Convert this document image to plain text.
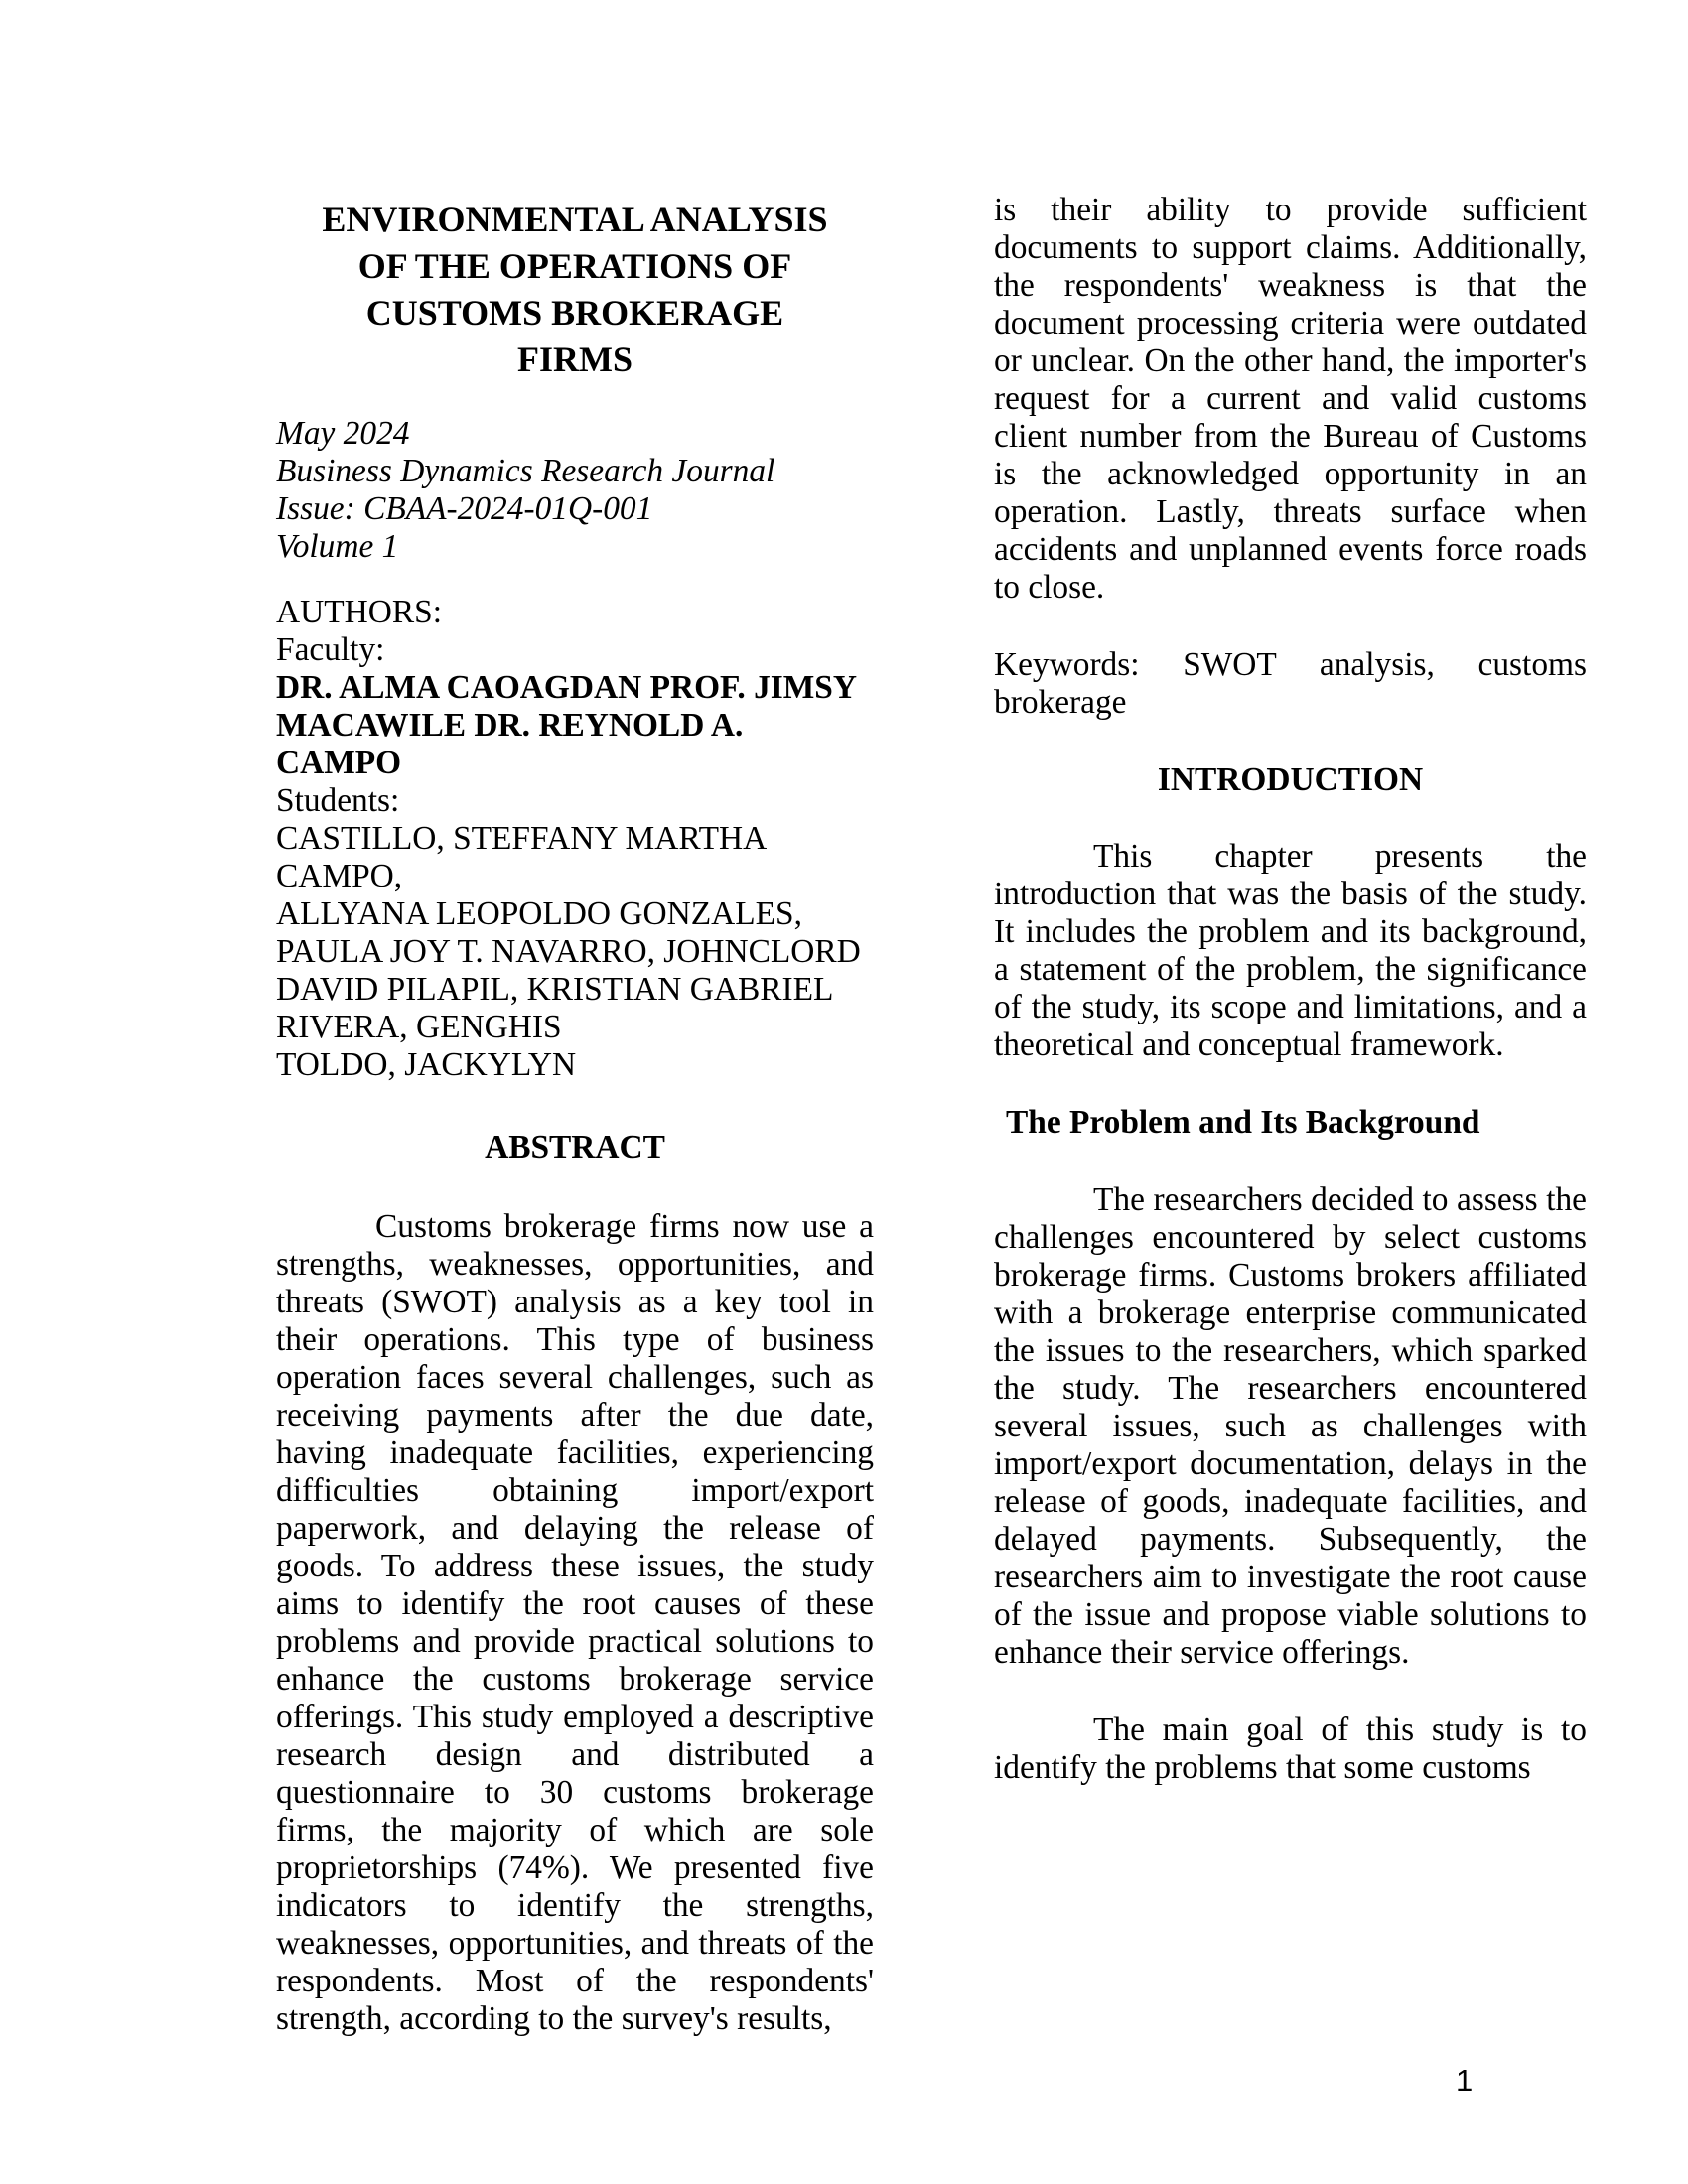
ENVIRONMENTAL ANALYSIS
OF THE OPERATIONS OF
CUSTOMS BROKERAGE
FIRMS
May 2024
Business Dynamics Research Journal
Issue: CBAA-2024-01Q-001
Volume 1
AUTHORS:
Faculty:
DR. ALMA CAOAGDAN PROF. JIMSY
MACAWILE DR. REYNOLD A. CAMPO
Students:
CASTILLO, STEFFANY MARTHA CAMPO,
ALLYANA LEOPOLDO GONZALES,
PAULA JOY T. NAVARRO, JOHNCLORD
DAVID PILAPIL, KRISTIAN GABRIEL
RIVERA, GENGHIS
TOLDO, JACKYLYN
ABSTRACT

Customs brokerage firms now use a strengths, weaknesses, opportunities, and threats (SWOT) analysis as a key tool in their operations. This type of business operation faces several challenges, such as receiving payments after the due date, having inadequate facilities, experiencing difficulties obtaining import/export paperwork, and delaying the release of goods. To address these issues, the study aims to identify the root causes of these problems and provide practical solutions to enhance the customs brokerage service offerings. This study employed a descriptive research design and distributed a questionnaire to 30 customs brokerage firms, the majority of which are sole proprietorships (74%). We presented five indicators to identify the strengths, weaknesses, opportunities, and threats of the respondents. Most of the respondents' strength, according to the survey's results,

is their ability to provide sufficient documents to support claims. Additionally, the respondents' weakness is that the document processing criteria were outdated or unclear. On the other hand, the importer's request for a current and valid customs client number from the Bureau of Customs is the acknowledged opportunity in an operation. Lastly, threats surface when accidents and unplanned events force roads to close.

Keywords: SWOT analysis, customs brokerage

INTRODUCTION

This chapter presents the introduction that was the basis of the study. It includes the problem and its background, a statement of the problem, the significance of the study, its scope and limitations, and a theoretical and conceptual framework.

The Problem and Its Background

The researchers decided to assess the challenges encountered by select customs brokerage firms. Customs brokers affiliated with a brokerage enterprise communicated the issues to the researchers, which sparked the study. The researchers encountered several issues, such as challenges with import/export documentation, delays in the release of goods, inadequate facilities, and delayed payments. Subsequently, the researchers aim to investigate the root cause of the issue and propose viable solutions to enhance their service offerings.

The main goal of this study is to identify the problems that some customs

1
